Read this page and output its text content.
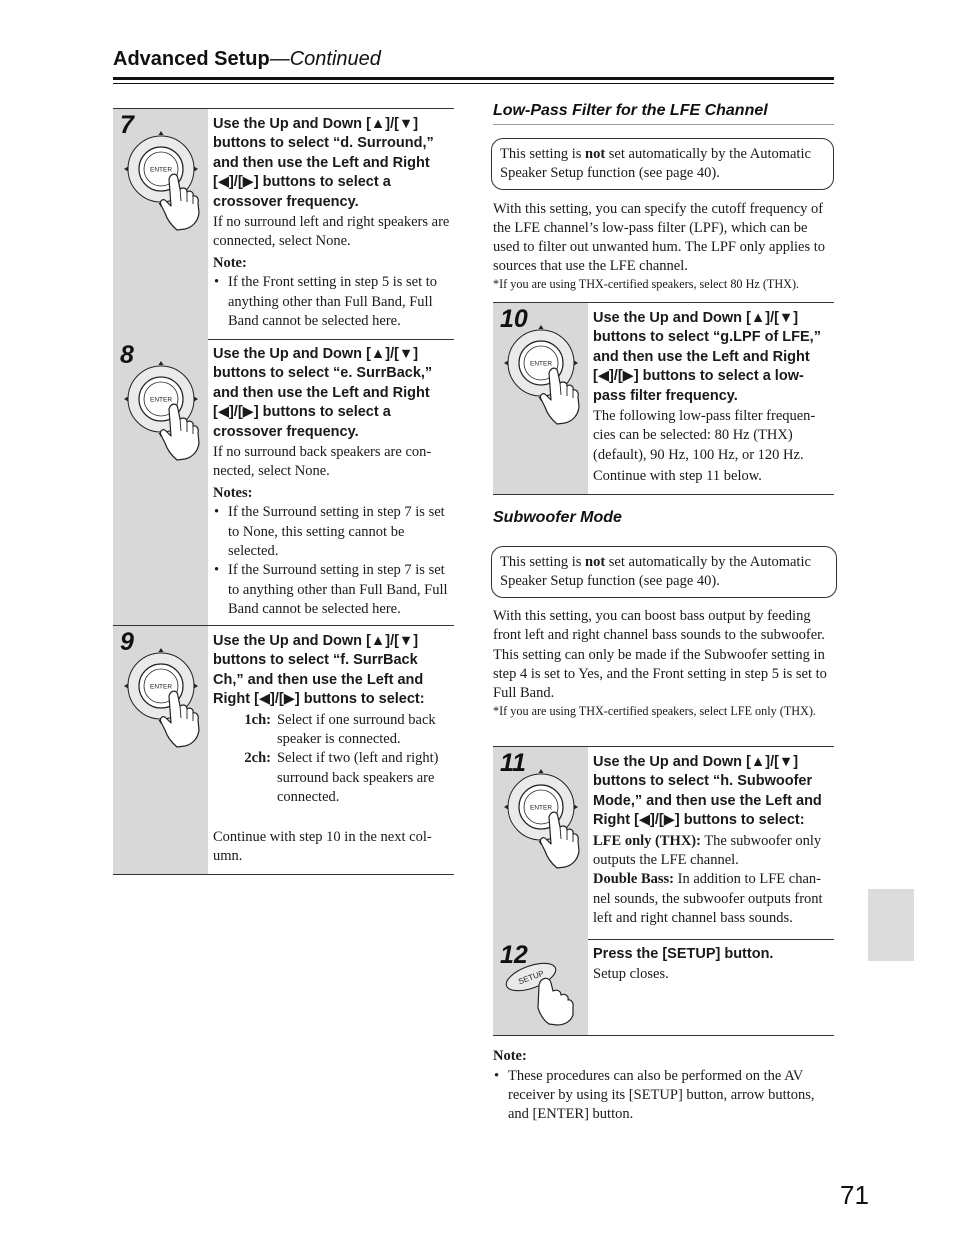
Advanced Setup—Continued
7
ENTER

Use the Up and Down [▲]/[▼] buttons to select “d. Surround,” and then use the Left and Right [◀]/[▶] buttons to select a crossover frequency.

If no surround left and right speakers are connected, select None.

Note:

• If the Front setting in step 5 is set to anything other than Full Band, Full Band cannot be selected here.
8
ENTER

Use the Up and Down [▲]/[▼] buttons to select “e. SurrBack,” and then use the Left and Right [◀]/[▶] buttons to select a crossover frequency.

If no surround back speakers are con-nected, select None.

Notes:

• If the Surround setting in step 7 is set to None, this setting cannot be selected.
• If the Surround setting in step 7 is set to anything other than Full Band, Full Band cannot be selected here.
9
ENTER

Use the Up and Down [▲]/[▼] buttons to select “f. SurrBack Ch,” and then use the Left and Right [◀]/[▶] buttons to select:

1ch: Select if one surround back speaker is connected.
2ch: Select if two (left and right) surround back speakers are connected.

Continue with step 10 in the next col-umn.

Low-Pass Filter for the LFE Channel
This setting is not set automatically by the Automatic Speaker Setup function (see page 40).

With this setting, you can specify the cutoff frequency of the LFE channel’s low-pass filter (LPF), which can be used to filter out unwanted hum. The LPF only applies to sources that use the LFE channel.

*If you are using THX-certified speakers, select 80 Hz (THX).

10
ENTER

Use the Up and Down [▲]/[▼] buttons to select “g.LPF of LFE,” and then use the Left and Right [◀]/[▶] buttons to select a low-pass filter frequency.

The following low-pass filter frequen-cies can be selected: 80 Hz (THX) (default), 90 Hz, 100 Hz, or 120 Hz.

Continue with step 11 below.

Subwoofer Mode
This setting is not set automatically by the Automatic Speaker Setup function (see page 40).

With this setting, you can boost bass output by feeding front left and right channel bass sounds to the subwoofer.

This setting can only be made if the Subwoofer setting in step 4 is set to Yes, and the Front setting in step 5 is set to Full Band.

*If you are using THX-certified speakers, select LFE only (THX).

11
ENTER

Use the Up and Down [▲]/[▼] buttons to select “h. Subwoofer Mode,” and then use the Left and Right [◀]/[▶] buttons to select:

LFE only (THX): The subwoofer only outputs the LFE channel.

Double Bass: In addition to LFE chan-nel sounds, the subwoofer outputs front left and right channel bass sounds.

12
SETUP

Press the [SETUP] button.

Setup closes.

Note:
• These procedures can also be performed on the AV receiver by using its [SETUP] button, arrow buttons, and [ENTER] button.
71
